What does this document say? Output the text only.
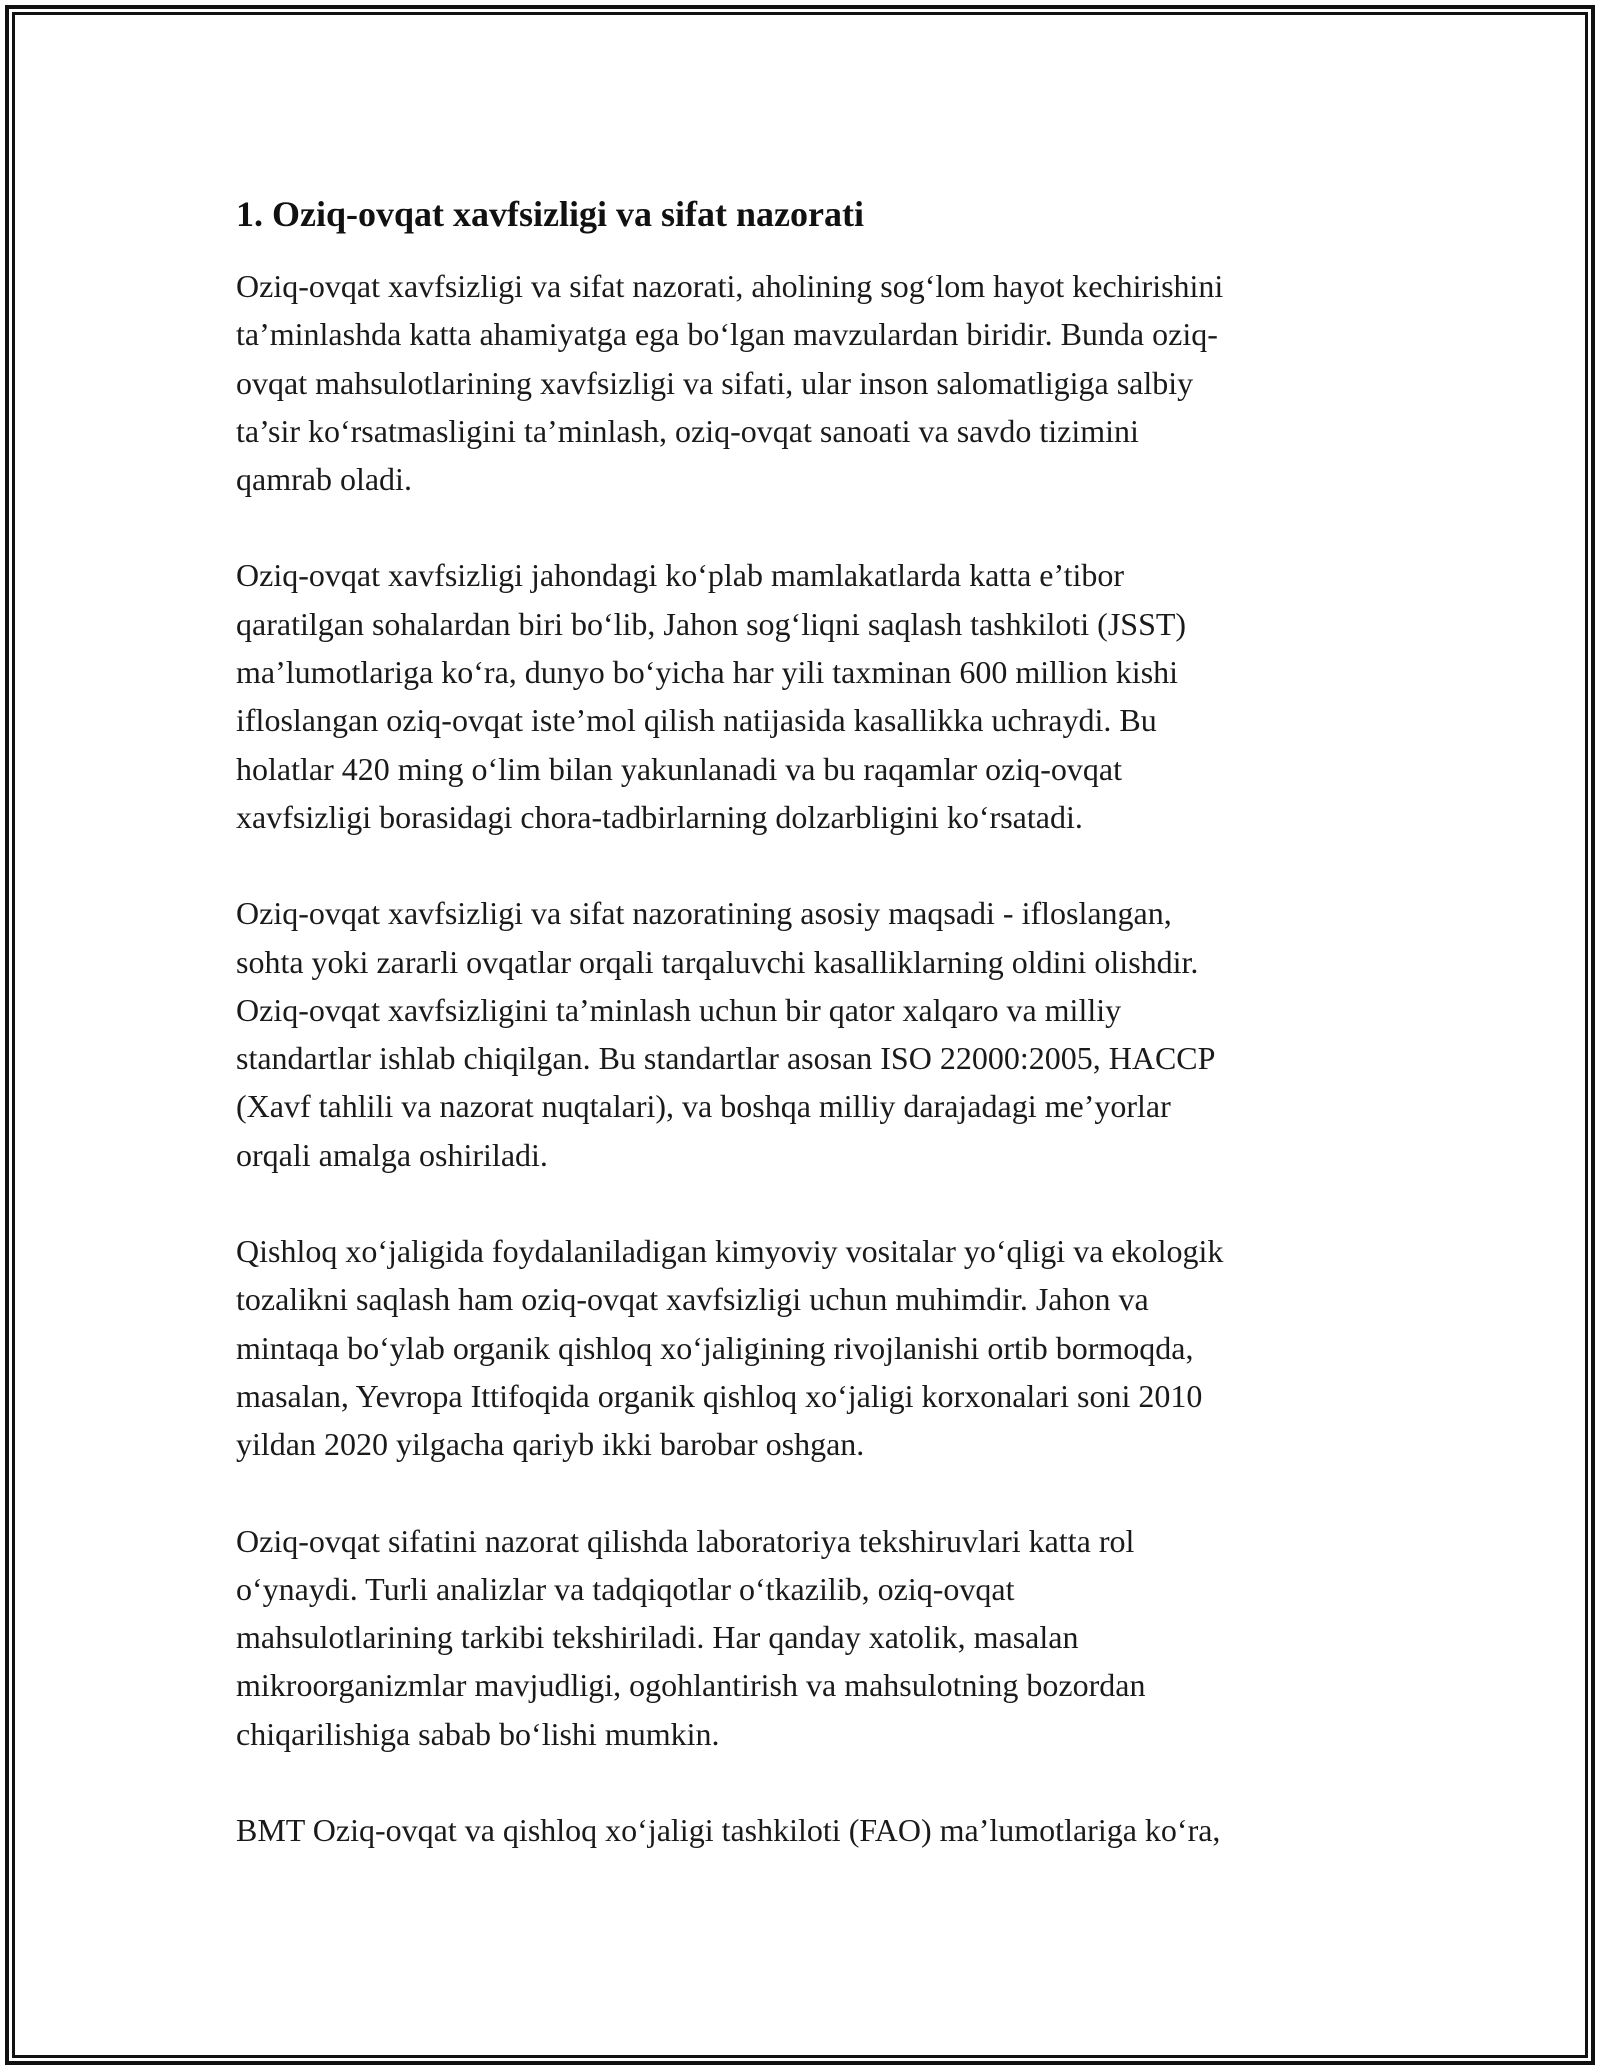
1. Oziq-ovqat xavfsizligi va sifat nazorati

Oziq-ovqat xavfsizligi va sifat nazorati, aholining sog‘lom hayot kechirishini
ta’minlashda katta ahamiyatga ega bo‘lgan mavzulardan biridir. Bunda oziq-
ovqat mahsulotlarining xavfsizligi va sifati, ular inson salomatligiga salbiy
ta’sir ko‘rsatmasligini ta’minlash, oziq-ovqat sanoati va savdo tizimini
qamrab oladi.

Oziq-ovqat xavfsizligi jahondagi ko‘plab mamlakatlarda katta e’tibor
qaratilgan sohalardan biri bo‘lib, Jahon sog‘liqni saqlash tashkiloti (JSST)
ma’lumotlariga ko‘ra, dunyo bo‘yicha har yili taxminan 600 million kishi
ifloslangan oziq-ovqat iste’mol qilish natijasida kasallikka uchraydi. Bu
holatlar 420 ming o‘lim bilan yakunlanadi va bu raqamlar oziq-ovqat
xavfsizligi borasidagi chora-tadbirlarning dolzarbligini ko‘rsatadi.

Oziq-ovqat xavfsizligi va sifat nazoratining asosiy maqsadi - ifloslangan,
sohta yoki zararli ovqatlar orqali tarqaluvchi kasalliklarning oldini olishdir.
Oziq-ovqat xavfsizligini ta’minlash uchun bir qator xalqaro va milliy
standartlar ishlab chiqilgan. Bu standartlar asosan ISO 22000:2005, HACCP
(Xavf tahlili va nazorat nuqtalari), va boshqa milliy darajadagi me’yorlar
orqali amalga oshiriladi.

Qishloq xo‘jaligida foydalaniladigan kimyoviy vositalar yo‘qligi va ekologik
tozalikni saqlash ham oziq-ovqat xavfsizligi uchun muhimdir. Jahon va
mintaqa bo‘ylab organik qishloq xo‘jaligining rivojlanishi ortib bormoqda,
masalan, Yevropa Ittifoqida organik qishloq xo‘jaligi korxonalari soni 2010
yildan 2020 yilgacha qariyb ikki barobar oshgan.

Oziq-ovqat sifatini nazorat qilishda laboratoriya tekshiruvlari katta rol
o‘ynaydi. Turli analizlar va tadqiqotlar o‘tkazilib, oziq-ovqat
mahsulotlarining tarkibi tekshiriladi. Har qanday xatolik, masalan
mikroorganizmlar mavjudligi, ogohlantirish va mahsulotning bozordan
chiqarilishiga sabab bo‘lishi mumkin.

BMT Oziq-ovqat va qishloq xo‘jaligi tashkiloti (FAO) ma’lumotlariga ko‘ra,
